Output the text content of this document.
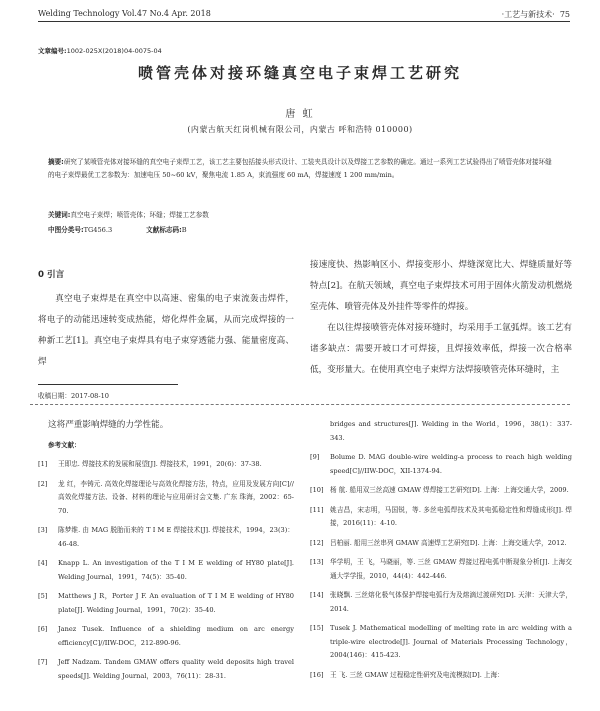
Welding Technology Vol.47 No.4 Apr. 2018	·工艺与新技术· 75
文章编号:1002-025X(2018)04-0075-04
喷管壳体对接环缝真空电子束焊工艺研究
唐 虹
(内蒙古航天红岗机械有限公司，内蒙古 呼和浩特 010000)
摘要:研究了某喷管壳体对接环缝的真空电子束焊工艺，该工艺主要包括接头形式设计、工装夹具设计以及焊接工艺参数的确定。通过一系列工艺试验得出了喷管壳体对接环缝的电子束焊最优工艺参数为：加速电压 50~60 kV，聚焦电流 1.85 A，束流强度 60 mA，焊接速度 1 200 mm/min。
关键词:真空电子束焊；喷管壳体；环缝；焊接工艺参数
中图分类号:TG456.3	文献标志码:B
0 引言
真空电子束焊是在真空中以高速、密集的电子束流轰击焊件，将电子的动能迅速转变成热能，熔化焊件金属，从而完成焊接的一种新工艺[1]。真空电子束焊具有电子束穿透能力强、能量密度高、焊
接速度快、热影响区小、焊接变形小、焊缝深宽比大、焊缝质量好等特点[2]。在航天领域，真空电子束焊技术可用于固体火箭发动机燃烧室壳体、喷管壳体及外挂件等零件的焊接。
在以往焊接喷管壳体对接环缝时，均采用手工氩弧焊。该工艺有诸多缺点：需要开坡口才可焊接，且焊接效率低，焊接一次合格率低，变形量大。在使用真空电子束焊方法焊接喷管壳体环缝时，主
收稿日期：2017-08-10
这将严重影响焊缝的力学性能。
参考文献：
[1]	王即忠. 焊接技术的发展和展望[J]. 焊接技术，1991，20(6)：37-38.
[2]	龙 红，李铸元. 高效化焊接理论与高效化焊接方法，特点，应用及发展方向[C]//高效化焊接方法、设备、材料的理论与应用研讨会文集. 广东 珠海，2002：65-70.
[3]	陈梦维. 由 MAG 脱胎而来的 T I M E 焊接技术[J]. 焊接技术，1994，23(3)：46-48.
[4]	Knapp L. An investigation of the T I M E welding of HY80 plate[J]. Welding Journal，1991，74(5)：35-40.
[5]	Matthews J R，Porter J F. An evaluation of T I M E welding of HY80 plate[J]. Welding Journal，1991，70(2)：35-40.
[6]	Janez Tusek. Influence of a shielding medium on arc energy efficiency[C]//IIW-DOC，212-890-96.
[7]	Jeff Nadzam. Tandem GMAW offers quality weld deposits high travel speeds[J]. Welding Journal，2003，76(11)：28-31.
bridges and structures[J]. Welding in the World，1996，38(1)：337-343.
[9]	Bolume D. MAG double-wire welding-a process to reach high welding speed[C]//IIW-DOC，XII-1374-94.
[10] 杨 航. 船用双三丝高速 GMAW 焊焊接工艺研究[D]. 上海：上海交通大学，2009.
[11] 姚吉昌，宋志明，马国锐，等. 多丝电弧焊技术及其电弧稳定性和焊缝成形[J]. 焊接，2016(11)：4-10.
[12] 吕柏丽. 船用三丝串列 GMAW 高速焊工艺研究[D]. 上海：上海交通大学，2012.
[13] 华学明，王 飞，马晓丽，等. 三丝 GMAW 焊接过程电弧中断现象分析[J]. 上海交通大学学报，2010，44(4)：442-446.
[14] 张晓飘. 三丝熔化极气体保护焊接电弧行为及熔滴过渡研究[D]. 天津：天津大学，2014.
[15] Tusek J. Mathematical modelling of melting rate in arc welding with a triple-wire electrode[J]. Journal of Materials Processing Technology，2004(146)：415-423.
[16] 王 飞. 三丝 GMAW 过程稳定性研究及电流模拟[D]. 上海：
